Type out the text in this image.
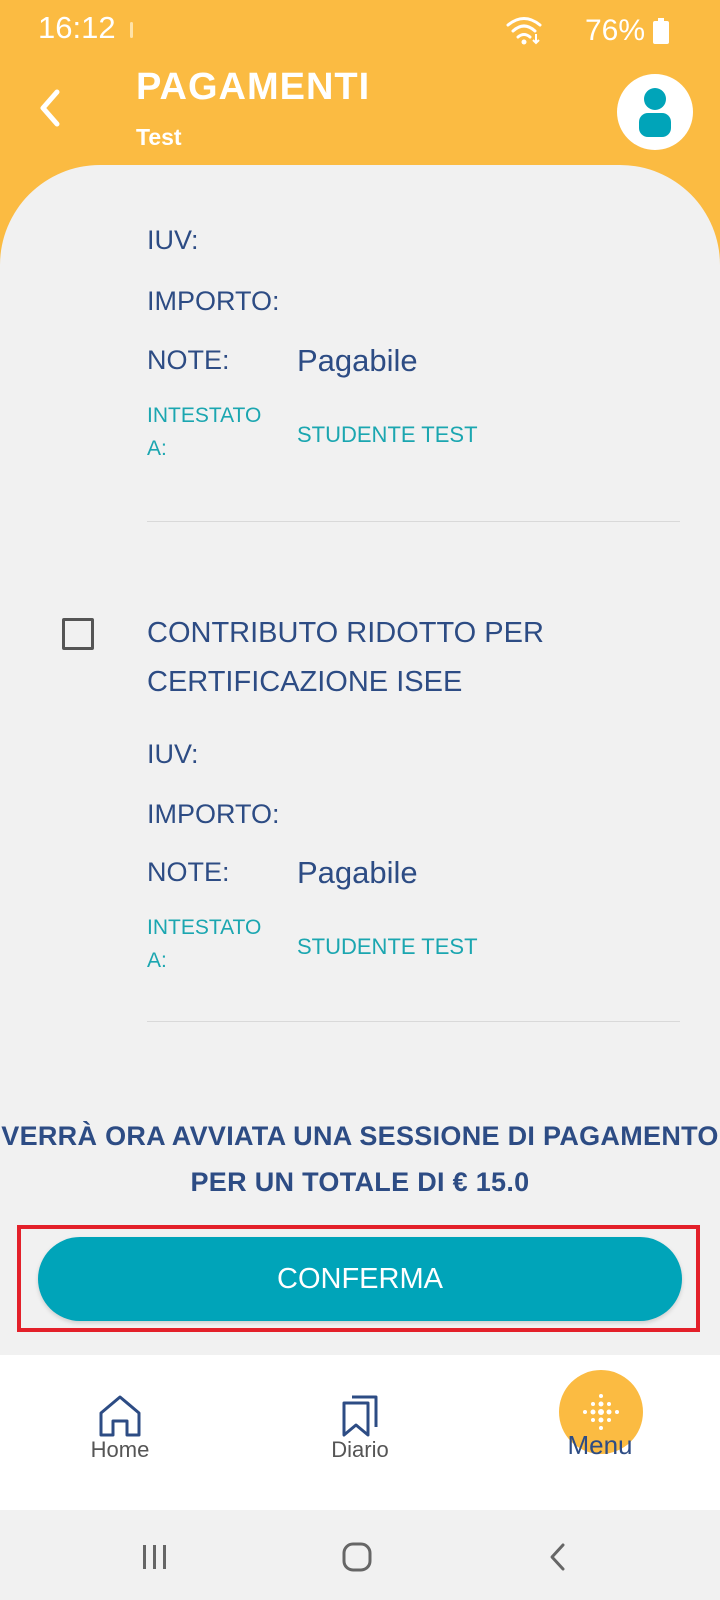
16:12	76%
PAGAMENTI
Test
IUV:
IMPORTO:
NOTE: Pagabile
INTESTATO A:
STUDENTE TEST
CONTRIBUTO RIDOTTO PER CERTIFICAZIONE ISEE
IUV:
IMPORTO:
NOTE: Pagabile
INTESTATO A:
STUDENTE TEST
VERRÀ ORA AVVIATA UNA SESSIONE DI PAGAMENTO PER UN TOTALE DI € 15.0
CONFERMA
Home	Diario	Menu
